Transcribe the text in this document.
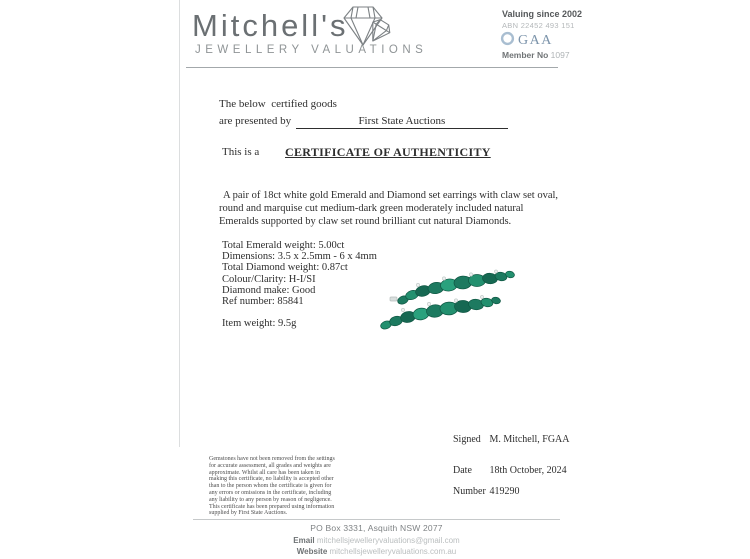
Mitchell's
JEWELLERY VALUATIONS
Valuing since 2002
ABN 22452 493 151
GAA
Member No 1097
The below  certified goods
are presented by	First State Auctions
This is a CERTIFICATE OF AUTHENTICITY
A pair of 18ct white gold Emerald and Diamond set earrings with claw set oval, round and marquise cut medium-dark green moderately included natural Emeralds supported by claw set round brilliant cut natural Diamonds.
Total Emerald weight: 5.00ct
Dimensions: 3.5 x 2.5mm - 6 x 4mm
Total Diamond weight: 0.87ct
Colour/Clarity: H-I/SI
Diamond make: Good
Ref number: 85841
Item weight: 9.5g
Signed M. Mitchell, FGAA
Date 18th October, 2024
Number 419290
Gemstones have not been removed from the settings for accurate assessment, all grades and weights are approximate. Whilst all care has been taken in making this certificate, no liability is accepted other than to the person whom the certificate is given for any errors or omissions in the certificate, including any liability to any person by reason of negligence. This certificate has been prepared using information supplied by First State Auctions.
PO Box 3331, Asquith NSW 2077
Email mitchellsjewelleryvaluations@gmail.com
Website mitchellsjewelleryvaluations.com.au
